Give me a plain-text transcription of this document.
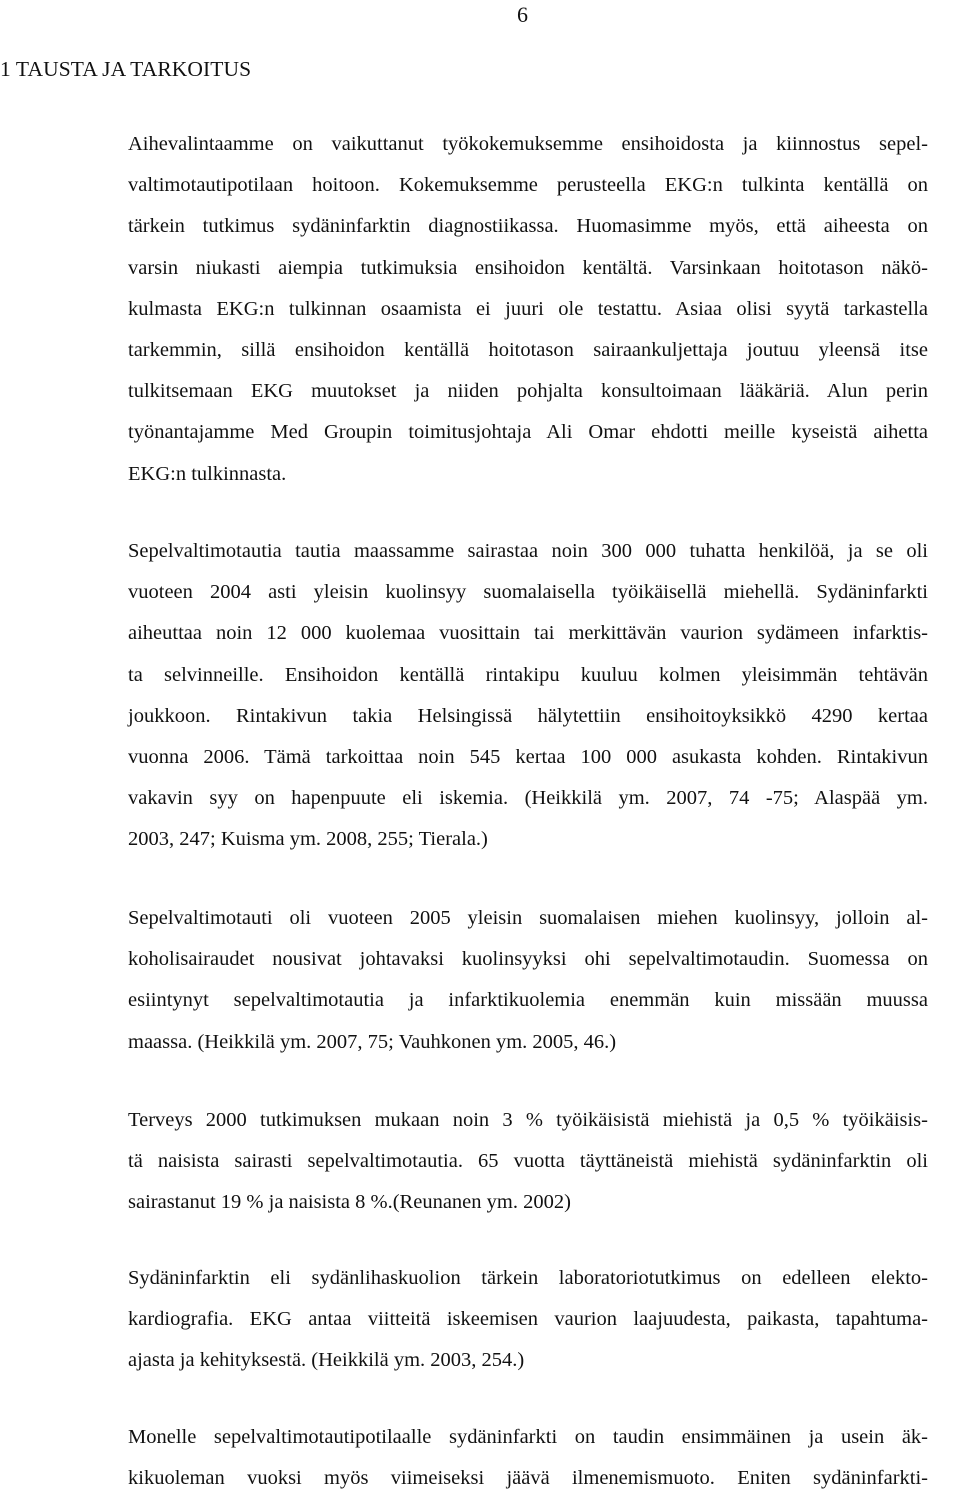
6
1 TAUSTA JA TARKOITUS
Aihevalintaamme on vaikuttanut työkokemuksemme ensihoidosta ja kiinnostus sepel-
valtimotautipotilaan hoitoon. Kokemuksemme perusteella EKG:n tulkinta kentällä on
tärkein tutkimus sydäninfarktin diagnostiikassa. Huomasimme myös, että aiheesta on
varsin niukasti aiempia tutkimuksia ensihoidon kentältä. Varsinkaan hoitotason näkö-
kulmasta EKG:n tulkinnan osaamista ei juuri ole testattu. Asiaa olisi syytä tarkastella
tarkemmin, sillä ensihoidon kentällä hoitotason sairaankuljettaja joutuu yleensä itse
tulkitsemaan EKG muutokset ja niiden pohjalta konsultoimaan lääkäriä. Alun perin
työnantajamme Med Groupin toimitusjohtaja Ali Omar ehdotti meille kyseistä aihetta
EKG:n tulkinnasta.
Sepelvaltimotautia tautia maassamme sairastaa noin 300 000 tuhatta henkilöä, ja se oli
vuoteen 2004 asti yleisin kuolinsyy suomalaisella työikäisellä miehellä. Sydäninfarkti
aiheuttaa noin 12 000 kuolemaa vuosittain tai merkittävän vaurion sydämeen infarktis-
ta selvinneille. Ensihoidon kentällä rintakipu kuuluu kolmen yleisimmän tehtävän
joukkoon. Rintakivun takia Helsingissä hälytettiin ensihoitoyksikkö 4290 kertaa
vuonna 2006. Tämä tarkoittaa noin 545 kertaa 100 000 asukasta kohden. Rintakivun
vakavin syy on hapenpuute eli iskemia. (Heikkilä ym. 2007, 74 -75; Alaspää ym.
2003, 247; Kuisma ym. 2008, 255; Tierala.)
Sepelvaltimotauti oli vuoteen 2005 yleisin suomalaisen miehen kuolinsyy, jolloin al-
koholisairaudet nousivat johtavaksi kuolinsyyksi ohi sepelvaltimotaudin. Suomessa on
esiintynyt sepelvaltimotautia ja infarktikuolemia enemmän kuin missään muussa
maassa. (Heikkilä ym. 2007, 75; Vauhkonen ym. 2005, 46.)
Terveys 2000 tutkimuksen mukaan noin 3 % työikäisistä miehistä ja 0,5 % työikäisis-
tä naisista sairasti sepelvaltimotautia. 65 vuotta täyttäneistä miehistä sydäninfarktin oli
sairastanut 19 % ja naisista 8 %.(Reunanen ym. 2002)
Sydäninfarktin eli sydänlihaskuolion tärkein laboratoriotutkimus on edelleen elekto-
kardiografia. EKG antaa viitteitä iskeemisen vaurion laajuudesta, paikasta, tapahtuma-
ajasta ja kehityksestä. (Heikkilä ym. 2003, 254.)
Monelle sepelvaltimotautipotilaalle sydäninfarkti on taudin ensimmäinen ja usein äk-
kikuoleman vuoksi myös viimeiseksi jäävä ilmenemismuoto. Eniten sydäninfarkti-
